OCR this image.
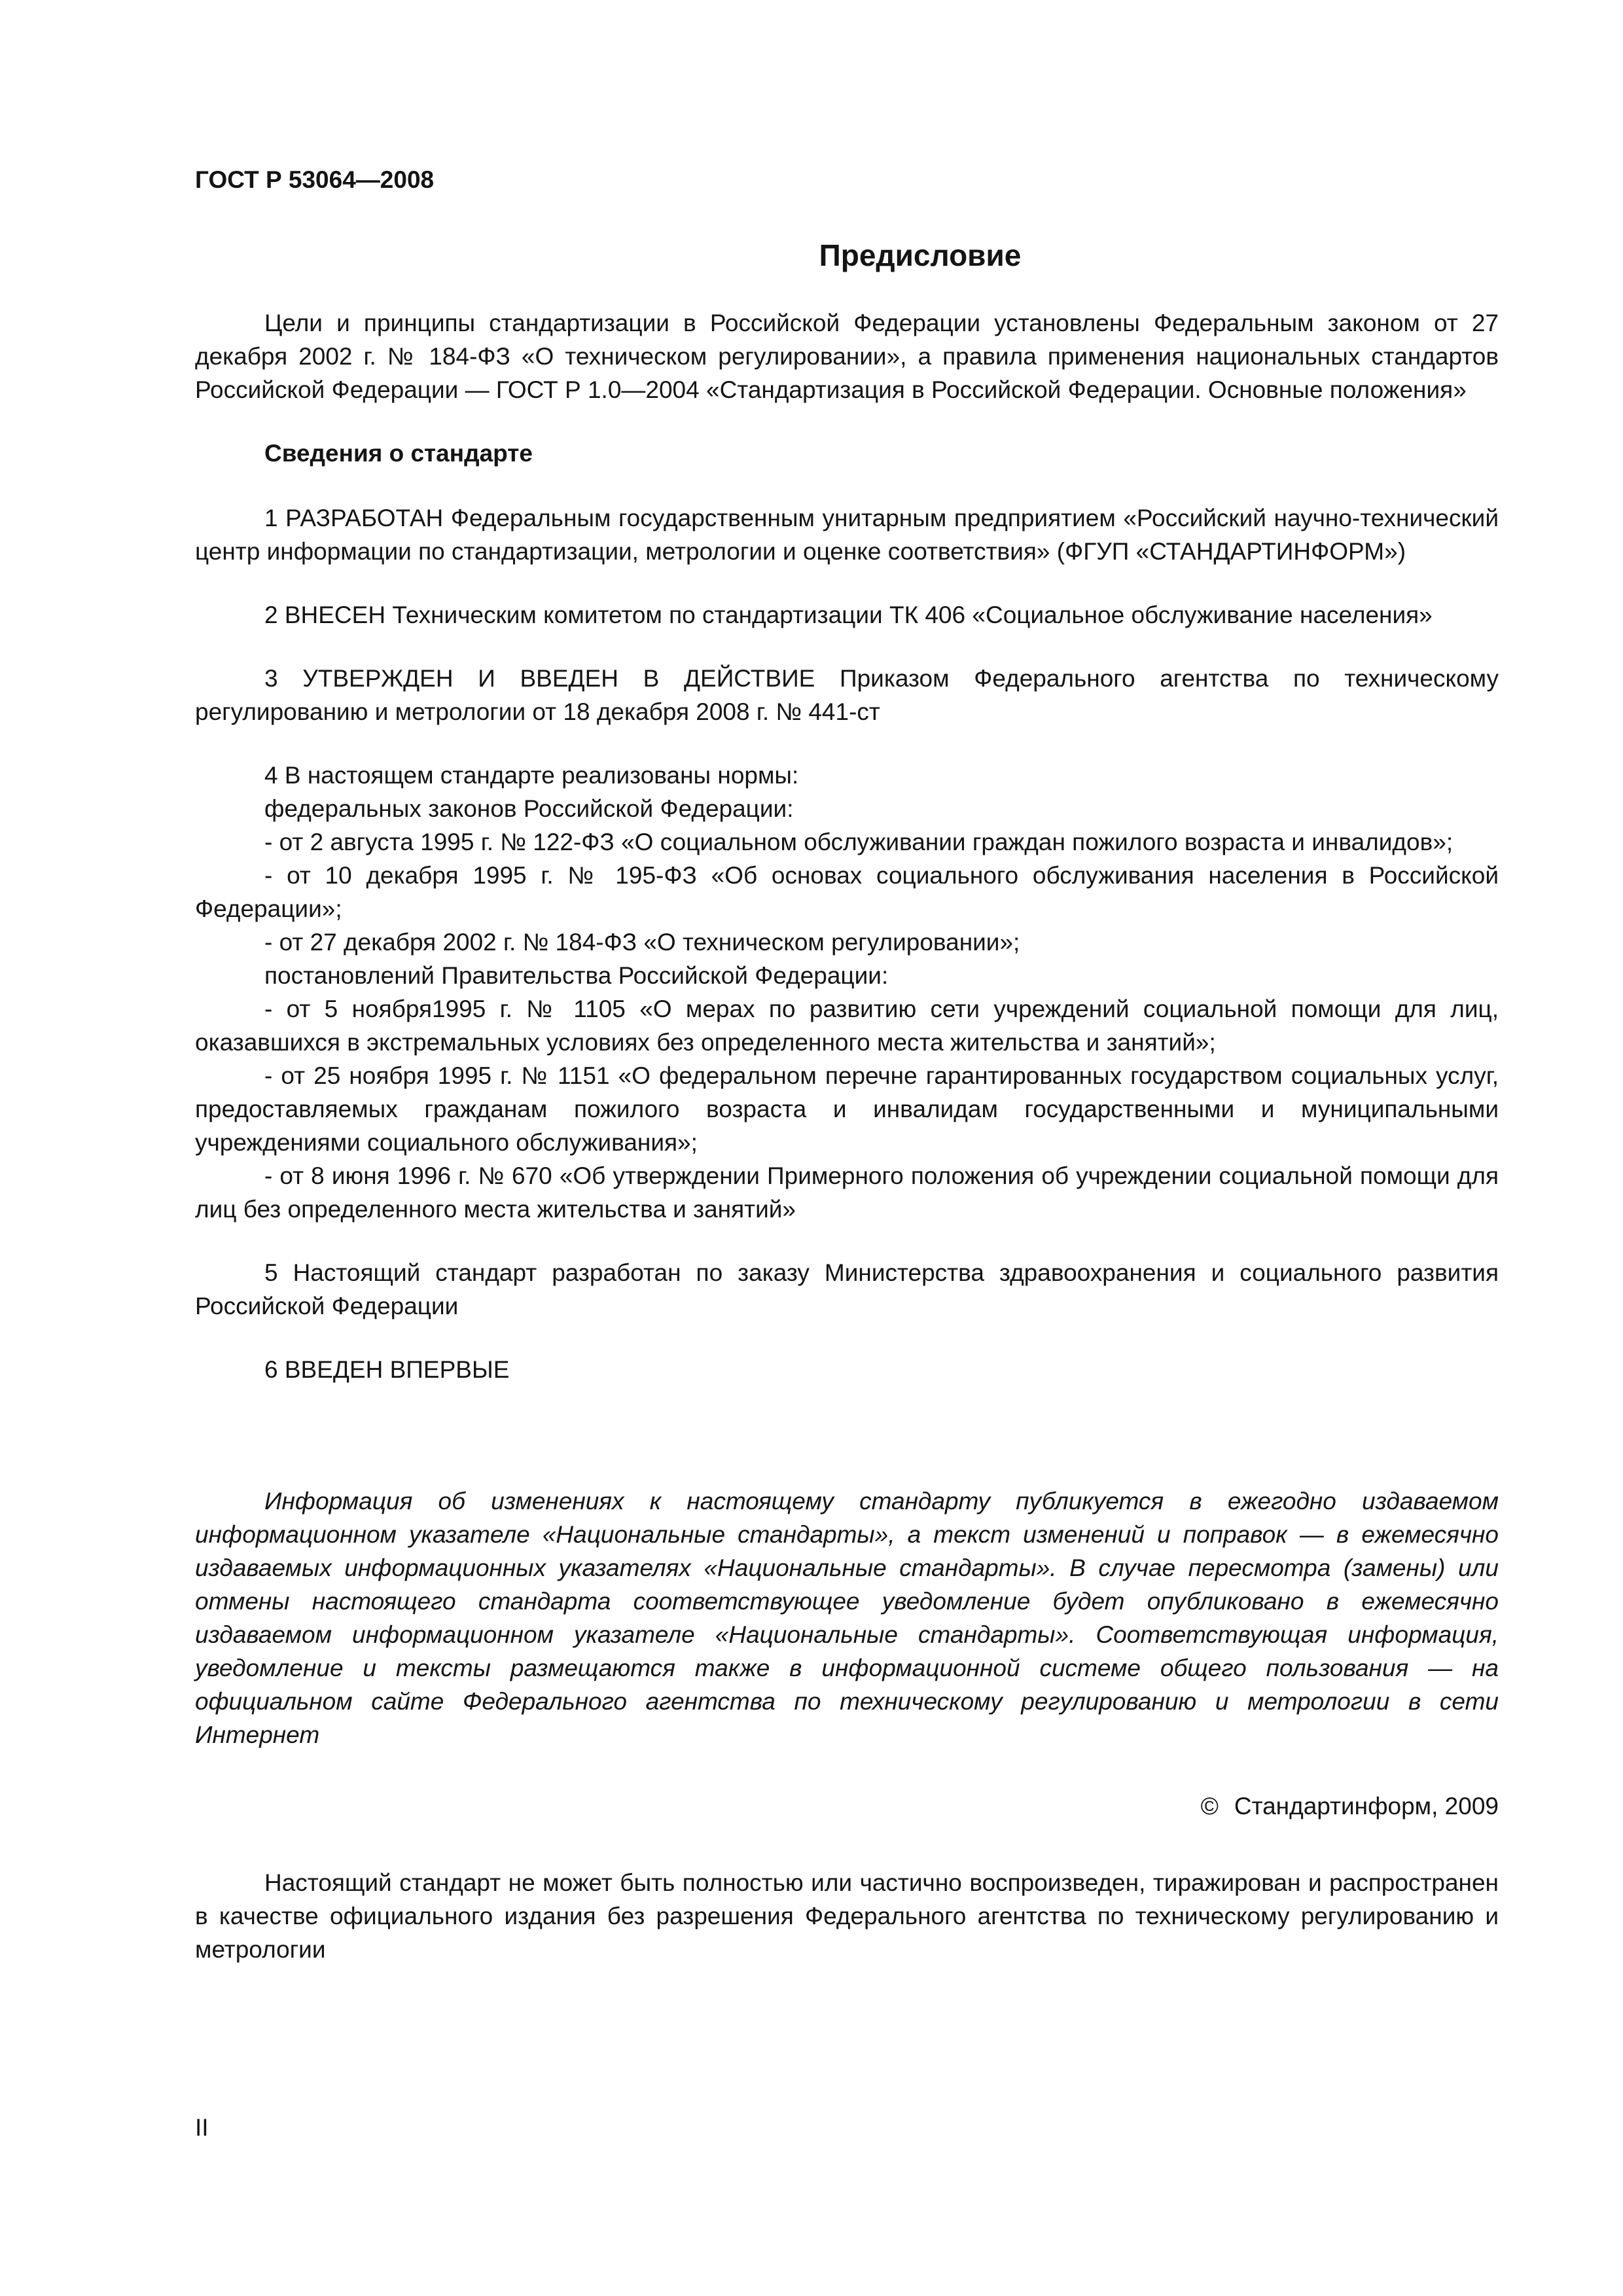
ГОСТ Р 53064—2008
Предисловие

Цели и принципы стандартизации в Российской Федерации установлены Федеральным законом от 27 декабря 2002 г. № 184-ФЗ «О техническом регулировании», а правила применения национальных стандартов Российской Федерации — ГОСТ Р 1.0—2004 «Стандартизация в Российской Федерации. Основные положения»

Сведения о стандарте

1 РАЗРАБОТАН Федеральным государственным унитарным предприятием «Российский научно-технический центр информации по стандартизации, метрологии и оценке соответствия» (ФГУП «СТАНДАРТИНФОРМ»)

2 ВНЕСЕН Техническим комитетом по стандартизации ТК 406 «Социальное обслуживание населения»

3 УТВЕРЖДЕН И ВВЕДЕН В ДЕЙСТВИЕ Приказом Федерального агентства по техническому регулированию и метрологии от 18 декабря 2008 г. № 441-ст

4 В настоящем стандарте реализованы нормы:

федеральных законов Российской Федерации:

- от 2 августа 1995 г. № 122-ФЗ «О социальном обслуживании граждан пожилого возраста и инвалидов»;

- от 10 декабря 1995 г. № 195-ФЗ «Об основах социального обслуживания населения в Российской Федерации»;

- от 27 декабря 2002 г. № 184-ФЗ «О техническом регулировании»;

постановлений Правительства Российской Федерации:

- от 5 ноября1995 г. № 1105 «О мерах по развитию сети учреждений социальной помощи для лиц, оказавшихся в экстремальных условиях без определенного места жительства и занятий»;

- от 25 ноября 1995 г. № 1151 «О федеральном перечне гарантированных государством социальных услуг, предоставляемых гражданам пожилого возраста и инвалидам государственными и муниципальными учреждениями социального обслуживания»;

- от 8 июня 1996 г. № 670 «Об утверждении Примерного положения об учреждении социальной помощи для лиц без определенного места жительства и занятий»

5 Настоящий стандарт разработан по заказу Министерства здравоохранения и социального развития Российской Федерации

6 ВВЕДЕН ВПЕРВЫЕ

Информация об изменениях к настоящему стандарту публикуется в ежегодно издаваемом информационном указателе «Национальные стандарты», а текст изменений и поправок — в ежемесячно издаваемых информационных указателях «Национальные стандарты». В случае пересмотра (замены) или отмены настоящего стандарта соответствующее уведомление будет опубликовано в ежемесячно издаваемом информационном указателе «Национальные стандарты». Соответствующая информация, уведомление и тексты размещаются также в информационной системе общего пользования — на официальном сайте Федерального агентства по техническому регулированию и метрологии в сети Интернет

© Стандартинформ, 2009

Настоящий стандарт не может быть полностью или частично воспроизведен, тиражирован и распространен в качестве официального издания без разрешения Федерального агентства по техническому регулированию и метрологии

II
